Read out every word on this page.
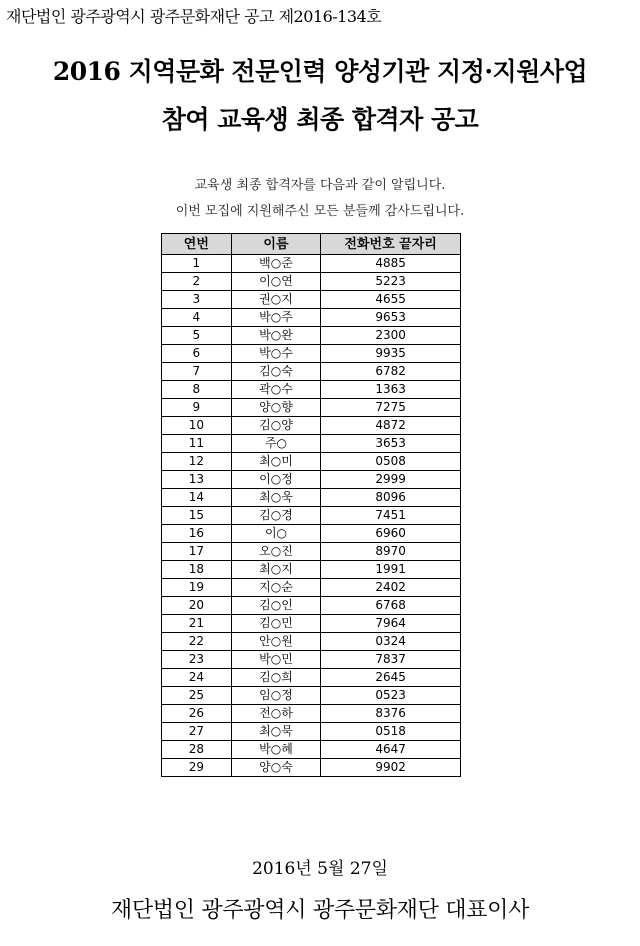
재단법인 광주광역시 광주문화재단 공고 제2016-134호
2016 지역문화 전문인력 양성기관 지정·지원사업
참여 교육생 최종 합격자 공고
교육생 최종 합격자를 다음과 같이 알립니다.
이번 모집에 지원해주신 모든 분들께 감사드립니다.
연번	이름	전화번호 끝자리
1	백○준	4885
2	이○연	5223
3	권○지	4655
4	박○주	9653
5	박○완	2300
6	박○수	9935
7	김○숙	6782
8	곽○수	1363
9	양○향	7275
10	김○양	4872
11	주○	3653
12	최○미	0508
13	이○정	2999
14	최○욱	8096
15	김○경	7451
16	이○	6960
17	오○진	8970
18	최○지	1991
19	지○순	2402
20	김○인	6768
21	김○민	7964
22	안○원	0324
23	박○민	7837
24	김○희	2645
25	임○정	0523
26	전○하	8376
27	최○묵	0518
28	박○혜	4647
29	양○숙	9902
2016년 5월 27일
재단법인 광주광역시 광주문화재단 대표이사
